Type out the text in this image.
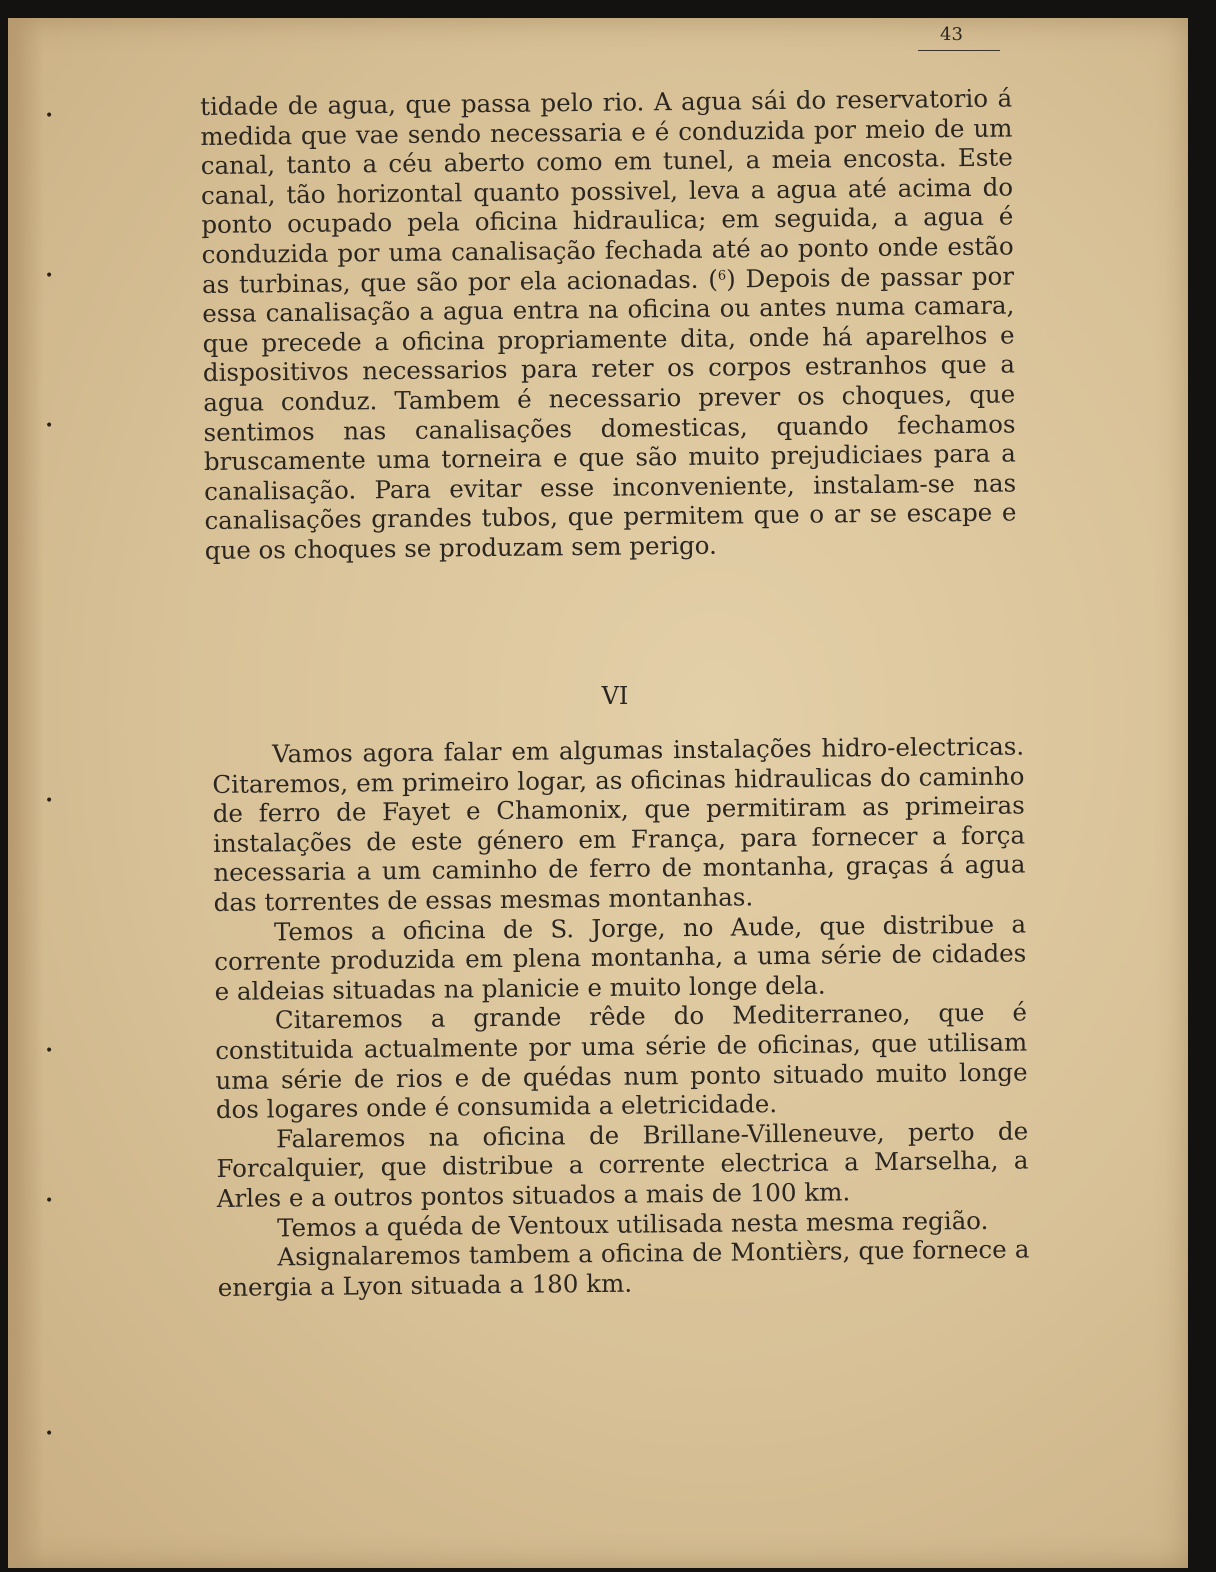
•
•
•
•
•
•
•
43

tidade de agua, que passa pelo rio. A agua sái do reservatorio á medida que vae sendo necessaria e é conduzida por meio de um canal, tanto a céu aberto como em tunel, a meia encosta. Este canal, tão horizontal quanto possivel, leva a agua até acima do ponto ocupado pela oficina hidraulica; em seguida, a agua é conduzida por uma canalisação fechada até ao ponto onde estão as turbinas, que são por ela acionadas. ($^6$) Depois de passar por essa canalisação a agua entra na oficina ou antes numa camara, que precede a oficina propriamente dita, onde há aparelhos e dispositivos necessarios para reter os corpos estranhos que a agua conduz. Tambem é necessario prever os choques, que sentimos nas canalisações domesticas, quando fechamos bruscamente uma torneira e que são muito prejudiciaes para a canalisação. Para evitar esse inconveniente, instalam-se nas canalisações grandes tubos, que permitem que o ar se escape e que os choques se produzam sem perigo.

VI

Vamos agora falar em algumas instalações hidro-electricas. Citaremos, em primeiro logar, as oficinas hidraulicas do caminho de ferro de Fayet e Chamonix, que permitiram as primeiras instalações de este género em França, para fornecer a força necessaria a um caminho de ferro de montanha, graças á agua das torrentes de essas mesmas montanhas.

Temos a oficina de S. Jorge, no Aude, que distribue a corrente produzida em plena montanha, a uma série de cidades e aldeias situadas na planicie e muito longe dela.

Citaremos a grande rêde do Mediterraneo, que é constituida actualmente por uma série de oficinas, que utilisam uma série de rios e de quédas num ponto situado muito longe dos logares onde é consumida a eletricidade.

Falaremos na oficina de Brillane-Villeneuve, perto de Forcalquier, que distribue a corrente electrica a Marselha, a Arles e a outros pontos situados a mais de 100 km.

Temos a quéda de Ventoux utilisada nesta mesma região.

Asignalaremos tambem a oficina de Montièrs, que fornece a energia a Lyon situada a 180 km.
